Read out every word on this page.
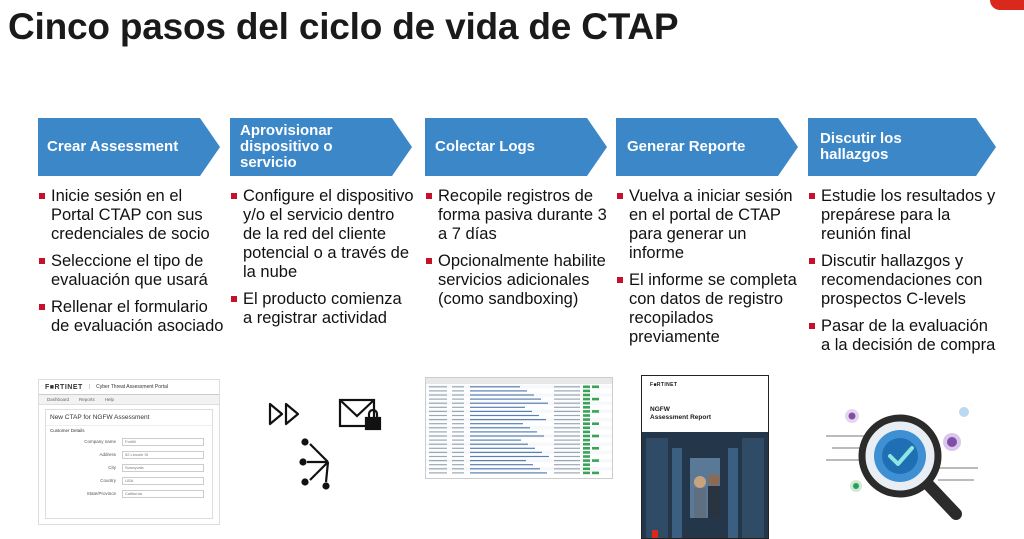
Cinco pasos del ciclo de vida de CTAP
Crear Assessment
Inicie sesión en el Portal CTAP con sus credenciales de socio
Seleccione el tipo de evaluación que usará
Rellenar el formulario de evaluación asociado
Aprovisionar dispositivo o servicio
Configure el dispositivo y/o el servicio dentro de la red del cliente potencial o a través de la nube
El producto comienza a registrar actividad
Colectar Logs
Recopile registros de forma pasiva durante 3 a 7 días
Opcionalmente habilite servicios adicionales (como sandboxing)
Generar Reporte
Vuelva a iniciar sesión en el portal de CTAP para generar un informe
El informe se completa con datos de registro recopilados previamente
Discutir los hallazgos
Estudie los resultados y prepárese para la reunión final
Discutir hallazgos y recomendaciones con prospectos C-levels
Pasar de la evaluación a la decisión de compra
F■RTINET | Cyber Threat Assessment Portal
Dashboard Reports Help
New CTAP for NGFW Assessment
Customer Details
Company name	Fortilli
Address	52 Lincoln St
City	Sunnyvale
Country	USA
State/Province	California
F■RTINET
NGFW
Assessment Report
